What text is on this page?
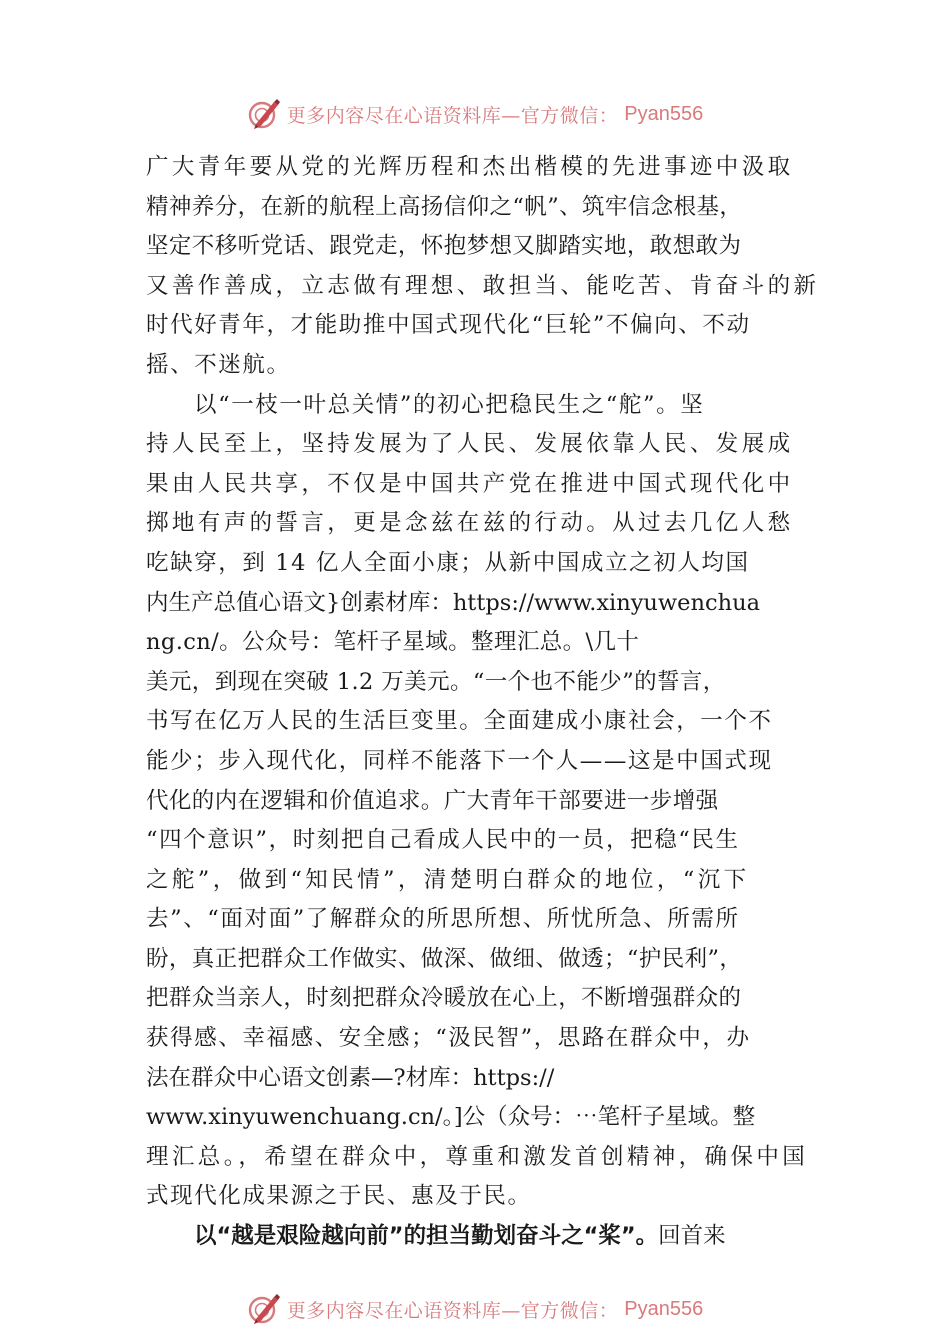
更多内容尽在心语资料库—官方微信： Pyan556
广大青年要从党的光辉历程和杰出楷模的先进事迹中汲取
精神养分，在新的航程上高扬信仰之“帆”、筑牢信念根基，
坚定不移听党话、跟党走，怀抱梦想又脚踏实地，敢想敢为
又善作善成，立志做有理想、敢担当、能吃苦、肯奋斗的新
时代好青年，才能助推中国式现代化“巨轮”不偏向、不动
摇、不迷航。
以“一枝一叶总关情”的初心把稳民生之“舵”。坚
持人民至上，坚持发展为了人民、发展依靠人民、发展成
果由人民共享，不仅是中国共产党在推进中国式现代化中
掷地有声的誓言，更是念兹在兹的行动。从过去几亿人愁
吃缺穿，到 14 亿人全面小康；从新中国成立之初人均国
内生产总值心语文}创素材库：https://www.xinyuwenchua
ng.cn/。公众号：笔杆子星域。整理汇总。\几十
美元，到现在突破 1.2 万美元。“一个也不能少”的誓言，
书写在亿万人民的生活巨变里。全面建成小康社会，一个不
能少；步入现代化，同样不能落下一个人——这是中国式现
代化的内在逻辑和价值追求。广大青年干部要进一步增强
“四个意识”，时刻把自己看成人民中的一员，把稳“民生
之舵”，做到“知民情”，清楚明白群众的地位，“沉下
去”、“面对面”了解群众的所思所想、所忧所急、所需所
盼，真正把群众工作做实、做深、做细、做透；“护民利”，
把群众当亲人，时刻把群众冷暖放在心上，不断增强群众的
获得感、幸福感、安全感；“汲民智”，思路在群众中，办
法在群众中心语文创素—?材库：https://
www.xinyuwenchuang.cn/。]公（众号：⋯笔杆子星域。整
理汇总。，希望在群众中，尊重和激发首创精神，确保中国
式现代化成果源之于民、惠及于民。
以“越是艰险越向前”的担当勤划奋斗之“桨”。回首来
更多内容尽在心语资料库—官方微信： Pyan556
